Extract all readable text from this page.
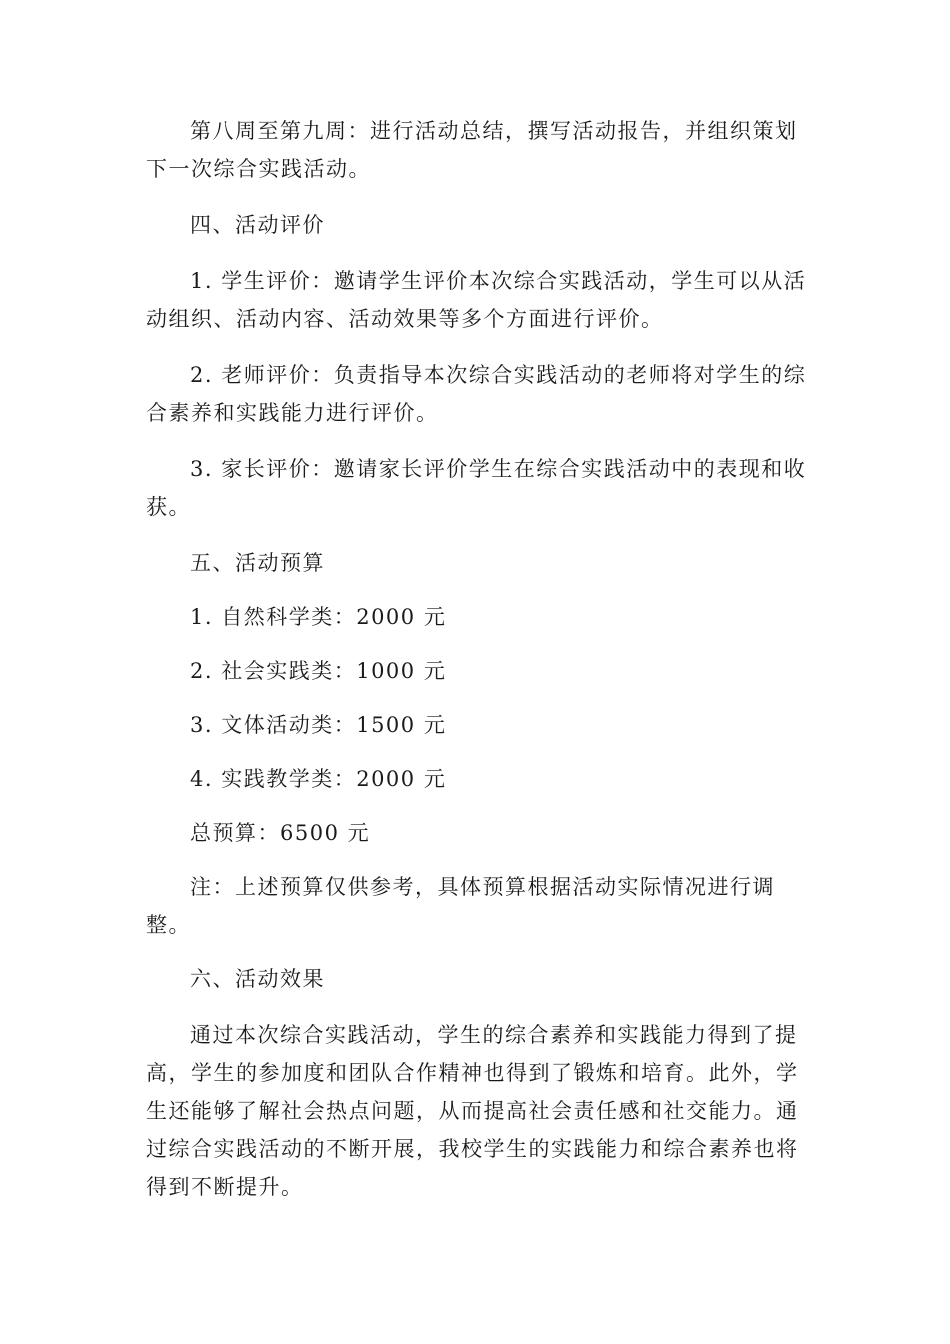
第八周至第九周：进行活动总结，撰写活动报告，并组织策划下一次综合实践活动。

四、活动评价

1. 学生评价：邀请学生评价本次综合实践活动，学生可以从活动组织、活动内容、活动效果等多个方面进行评价。

2. 老师评价：负责指导本次综合实践活动的老师将对学生的综合素养和实践能力进行评价。

3. 家长评价：邀请家长评价学生在综合实践活动中的表现和收获。

五、活动预算

1. 自然科学类：2000 元

2. 社会实践类：1000 元

3. 文体活动类：1500 元

4. 实践教学类：2000 元

总预算：6500 元

注：上述预算仅供参考，具体预算根据活动实际情况进行调整。

六、活动效果

通过本次综合实践活动，学生的综合素养和实践能力得到了提高，学生的参加度和团队合作精神也得到了锻炼和培育。此外，学生还能够了解社会热点问题，从而提高社会责任感和社交能力。通过综合实践活动的不断开展，我校学生的实践能力和综合素养也将得到不断提升。
